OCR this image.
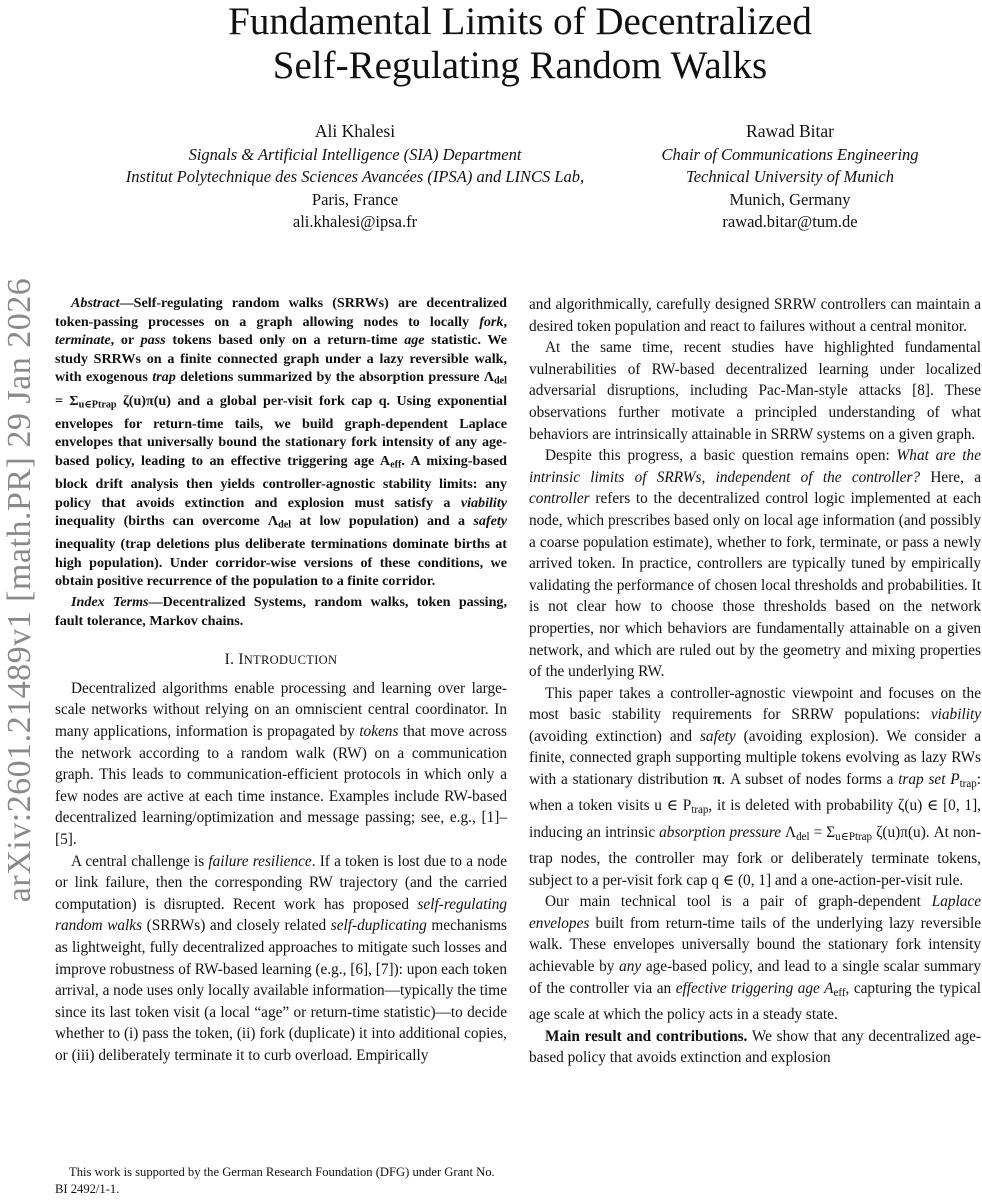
arXiv:2601.21489v1 [math.PR] 29 Jan 2026
Fundamental Limits of Decentralized
Self-Regulating Random Walks
Ali Khalesi
Signals & Artificial Intelligence (SIA) Department
Institut Polytechnique des Sciences Avancées (IPSA) and LINCS Lab,
Paris, France
ali.khalesi@ipsa.fr
Rawad Bitar
Chair of Communications Engineering
Technical University of Munich
Munich, Germany
rawad.bitar@tum.de

Abstract—Self-regulating random walks (SRRWs) are decentralized token-passing processes on a graph allowing nodes to locally fork, terminate, or pass tokens based only on a return-time age statistic. We study SRRWs on a finite connected graph under a lazy reversible walk, with exogenous trap deletions summarized by the absorption pressure $\Lambda_{del} = \Sigma_{u\in Ptrap}$ ζ(u)π(u) and a global per-visit fork cap q. Using exponential envelopes for return-time tails, we build graph-dependent Laplace envelopes that universally bound the stationary fork intensity of any age-based policy, leading to an effective triggering age $A_{eff}$. A mixing-based block drift analysis then yields controller-agnostic stability limits: any policy that avoids extinction and explosion must satisfy a viability inequality (births can overcome $\Lambda_{del}$ at low population) and a safety inequality (trap deletions plus deliberate terminations dominate births at high population). Under corridor-wise versions of these conditions, we obtain positive recurrence of the population to a finite corridor.

Index Terms—Decentralized Systems, random walks, token passing, fault tolerance, Markov chains.

I. INTRODUCTION

Decentralized algorithms enable processing and learning over large-scale networks without relying on an omniscient central coordinator. In many applications, information is propagated by tokens that move across the network according to a random walk (RW) on a communication graph. This leads to communication-efficient protocols in which only a few nodes are active at each time instance. Examples include RW-based decentralized learning/optimization and message passing; see, e.g., [1]–[5].

A central challenge is failure resilience. If a token is lost due to a node or link failure, then the corresponding RW trajectory (and the carried computation) is disrupted. Recent work has proposed self-regulating random walks (SRRWs) and closely related self-duplicating mechanisms as lightweight, fully decentralized approaches to mitigate such losses and improve robustness of RW-based learning (e.g., [6], [7]): upon each token arrival, a node uses only locally available information—typically the time since its last token visit (a local “age” or return-time statistic)—to decide whether to (i) pass the token, (ii) fork (duplicate) it into additional copies, or (iii) deliberately terminate it to curb overload. Empirically

This work is supported by the German Research Foundation (DFG) under Grant No. BI 2492/1-1.

and algorithmically, carefully designed SRRW controllers can maintain a desired token population and react to failures without a central monitor.

At the same time, recent studies have highlighted fundamental vulnerabilities of RW-based decentralized learning under localized adversarial disruptions, including Pac-Man-style attacks [8]. These observations further motivate a principled understanding of what behaviors are intrinsically attainable in SRRW systems on a given graph.

Despite this progress, a basic question remains open: What are the intrinsic limits of SRRWs, independent of the controller? Here, a controller refers to the decentralized control logic implemented at each node, which prescribes based only on local age information (and possibly a coarse population estimate), whether to fork, terminate, or pass a newly arrived token. In practice, controllers are typically tuned by empirically validating the performance of chosen local thresholds and probabilities. It is not clear how to choose those thresholds based on the network properties, nor which behaviors are fundamentally attainable on a given network, and which are ruled out by the geometry and mixing properties of the underlying RW.

This paper takes a controller-agnostic viewpoint and focuses on the most basic stability requirements for SRRW populations: viability (avoiding extinction) and safety (avoiding explosion). We consider a finite, connected graph supporting multiple tokens evolving as lazy RWs with a stationary distribution π. A subset of nodes forms a trap set $P_{trap}$: when a token visits u ∈ $P_{trap}$, it is deleted with probability ζ(u) ∈ [0, 1], inducing an intrinsic absorption pressure $\Lambda_{del} = \Sigma_{u\in Ptrap}$ ζ(u)π(u). At non-trap nodes, the controller may fork or deliberately terminate tokens, subject to a per-visit fork cap q ∈ (0, 1] and a one-action-per-visit rule.

Our main technical tool is a pair of graph-dependent Laplace envelopes built from return-time tails of the underlying lazy reversible walk. These envelopes universally bound the stationary fork intensity achievable by any age-based policy, and lead to a single scalar summary of the controller via an effective triggering age $A_{eff}$, capturing the typical age scale at which the policy acts in a steady state.

Main result and contributions. We show that any decentralized age-based policy that avoids extinction and explosion
